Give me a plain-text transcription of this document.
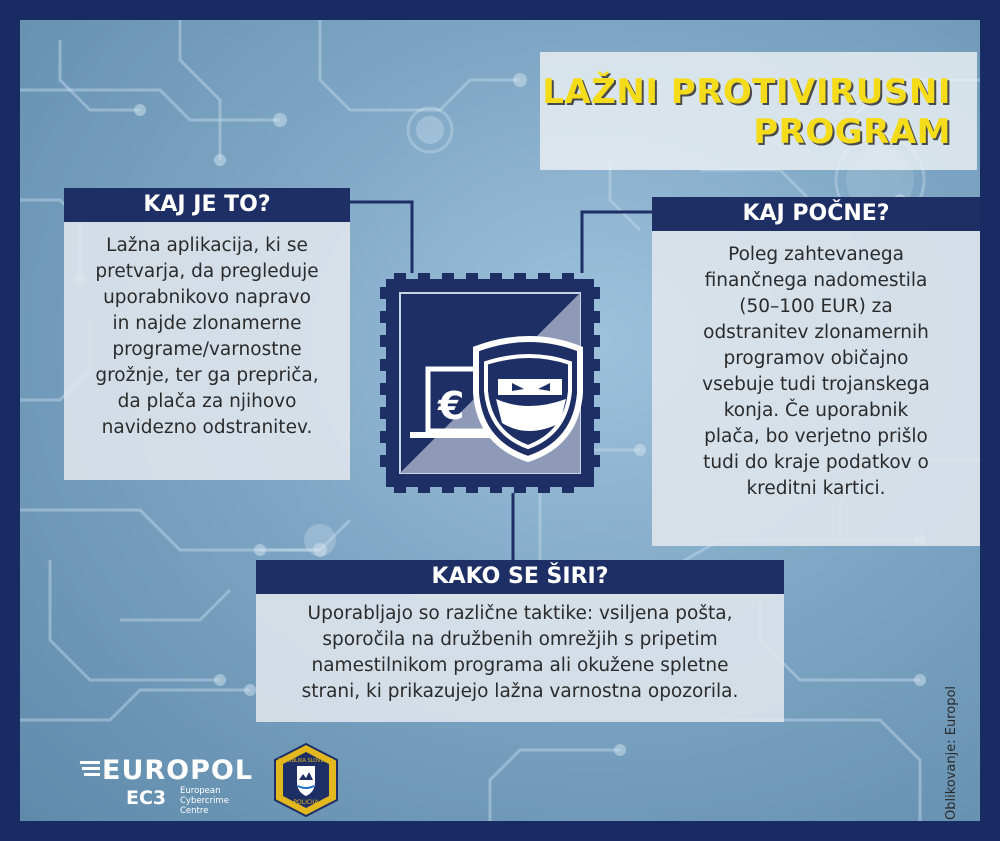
LAŽNI PROTIVIRUSNI
PROGRAM
KAJ JE TO?

Lažna aplikacija, ki se
pretvarja, da pregleduje
uporabnikovo napravo
in najde zlonamerne
programe/varnostne
grožnje, ter ga prepriča,
da plača za njihovo
navidezno odstranitev.

KAJ POČNE?

Poleg zahtevanega
finančnega nadomestila
(50–100 EUR) za
odstranitev zlonamernih
programov običajno
vsebuje tudi trojanskega
konja. Če uporabnik
plača, bo verjetno prišlo
tudi do kraje podatkov o
kreditni kartici.

KAKO SE ŠIRI?

Uporabljajo so različne taktike: vsiljena pošta,
sporočila na družbenih omrežjih s pripetim
namestilnikom programa ali okužene spletne
strani, ki prikazujejo lažna varnostna opozorila.

€
EUROPOL
EC3 European Cybercrime
Centre
REPUBLIKA SLOVENIJA
POLICIJA	Oblikovanje: Europol
